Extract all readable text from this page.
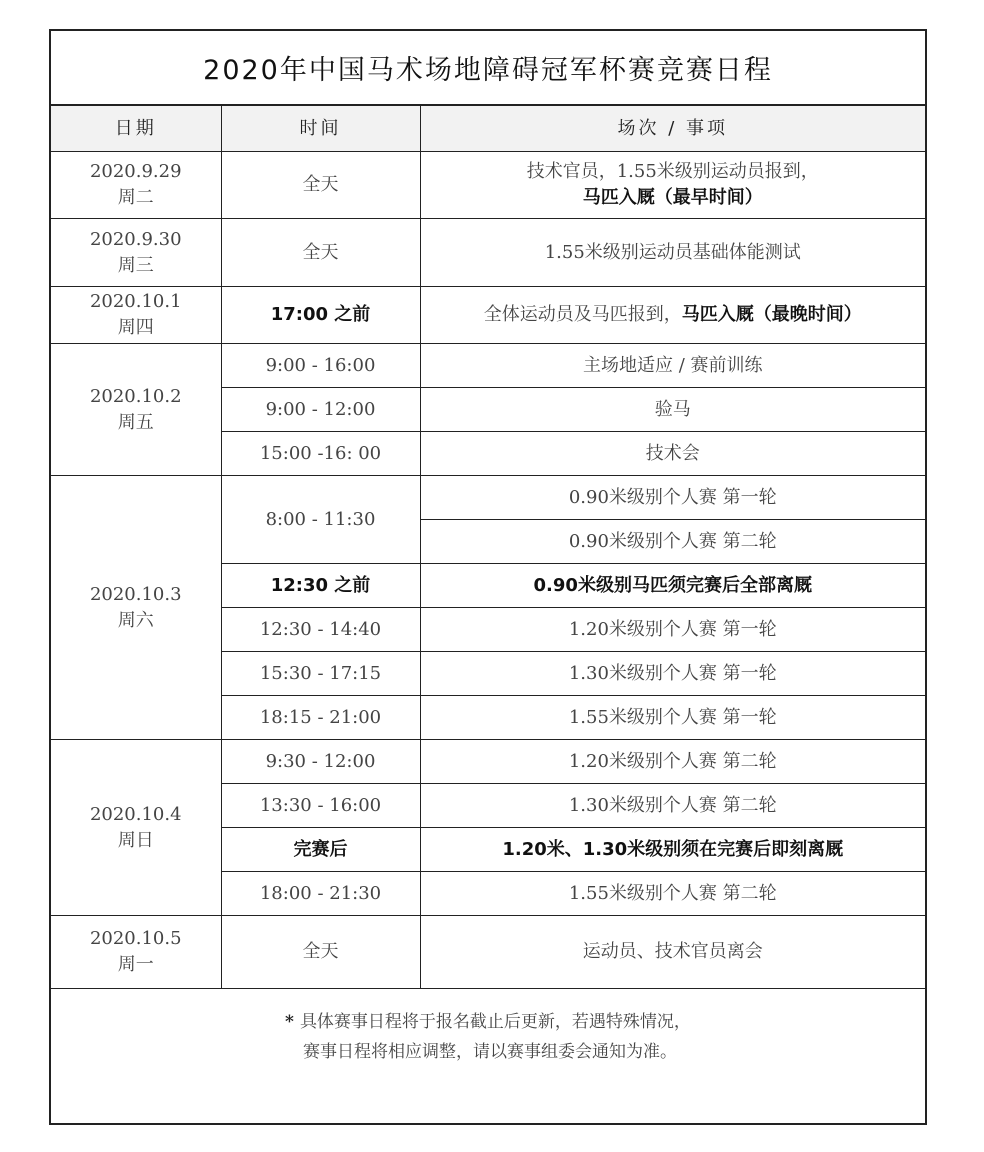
2020年中国马术场地障碍冠军杯赛竞赛日程
日期	时间	场次 / 事项

2020.9.29
周二	全天	技术官员，1.55米级别运动员报到，
马匹入厩（最早时间）

2020.9.30
周三	全天	1.55米级别运动员基础体能测试

2020.10.1
周四	17:00 之前	全体运动员及马匹报到，马匹入厩（最晚时间）

2020.10.2
周五	9:00 - 16:00	主场地适应 / 赛前训练
	9:00 - 12:00	验马
	15:00 -16: 00	技术会

2020.10.3
周六	8:00 - 11:30	0.90米级别个人赛 第一轮
		0.90米级别个人赛 第二轮
	12:30 之前	0.90米级别马匹须完赛后全部离厩
	12:30 - 14:40	1.20米级别个人赛 第一轮
	15:30 - 17:15	1.30米级别个人赛 第一轮
	18:15 - 21:00	1.55米级别个人赛 第一轮

2020.10.4
周日	9:30 - 12:00	1.20米级别个人赛 第二轮
	13:30 - 16:00	1.30米级别个人赛 第二轮
	完赛后	1.20米、1.30米级别须在完赛后即刻离厩
	18:00 - 21:30	1.55米级别个人赛 第二轮

2020.10.5
周一	全天	运动员、技术官员离会

* 具体赛事日程将于报名截止后更新，若遇特殊情况，
赛事日程将相应调整，请以赛事组委会通知为准。		
